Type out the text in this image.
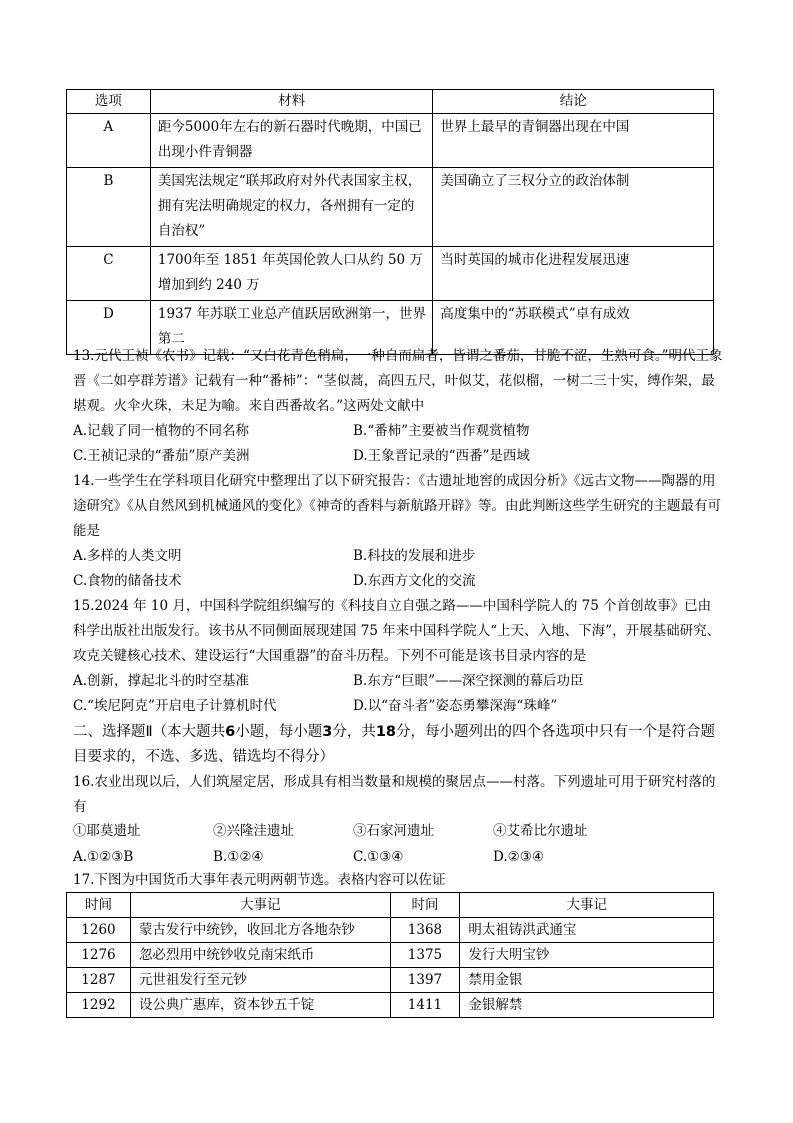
选项	材料	结论
A	距今5000年左右的新石器时代晚期，中国已出现小件青铜器	世界上最早的青铜器出现在中国
B	美国宪法规定“联邦政府对外代表国家主权，拥有宪法明确规定的权力，各州拥有一定的自治权”	美国确立了三权分立的政治体制
C	1700年至 1851 年英国伦敦人口从约 50 万增加到约 240 万	当时英国的城市化进程发展迅速
D	1937 年苏联工业总产值跃居欧洲第一，世界第二	高度集中的“苏联模式”卓有成效

13.元代王祯《农书》记载：“又白花青色稍扁，一种自而扁者，皆谓之番茄，甘脆不涩，生熟可食。”明代王象晋《二如亭群芳谱》记载有一种“番柿”：“茎似蒿，高四五尺，叶似艾，花似榴，一树二三十实，缚作架，最堪观。火伞火珠，未足为喻。来自西番故名。”这两处文献中

A.记载了同一植物的不同名称	B.“番柿”主要被当作观赏植物
C.王祯记录的“番茄”原产美洲	D.王象晋记录的“西番”是西域

14.一些学生在学科项目化研究中整理出了以下研究报告：《古遗址地窖的成因分析》《远古文物——陶器的用途研究》《从自然风到机械通风的变化》《神奇的香料与新航路开辟》等。由此判断这些学生研究的主题最有可能是

A.多样的人类文明	B.科技的发展和进步
C.食物的储备技术	D.东西方文化的交流

15.2024 年 10 月，中国科学院组织编写的《科技自立自强之路——中国科学院人的 75 个首创故事》已由科学出版社出版发行。该书从不同侧面展现建国 75 年来中国科学院人“上天、入地、下海”，开展基础研究、攻克关键核心技术、建设运行“大国重器”的奋斗历程。下列不可能是该书目录内容的是

A.创新，撑起北斗的时空基准	B.东方“巨眼”——深空探测的幕后功臣
C.“埃尼阿克”开启电子计算机时代	D.以“奋斗者”姿态勇攀深海“珠峰”
二、选择题Ⅱ（本大题共6小题，每小题3分，共18分，每小题列出的四个各选项中只有一个是符合题目要求的，不选、多选、错选均不得分）

16.农业出现以后，人们筑屋定居，形成具有相当数量和规模的聚居点——村落。下列遗址可用于研究村落的有

①耶莫遗址	②兴隆洼遗址	③石家河遗址	④艾希比尔遗址
A.①②③B	B.①②④	C.①③④	D.②③④

17.下图为中国货币大事年表元明两朝节选。表格内容可以佐证

时间	大事记	时间	大事记
1260	蒙古发行中统钞，收回北方各地杂钞	1368	明太祖铸洪武通宝
1276	忽必烈用中统钞收兑南宋纸币	1375	发行大明宝钞
1287	元世祖发行至元钞	1397	禁用金银
1292	设公典广惠库，资本钞五千锭	1411	金银解禁
